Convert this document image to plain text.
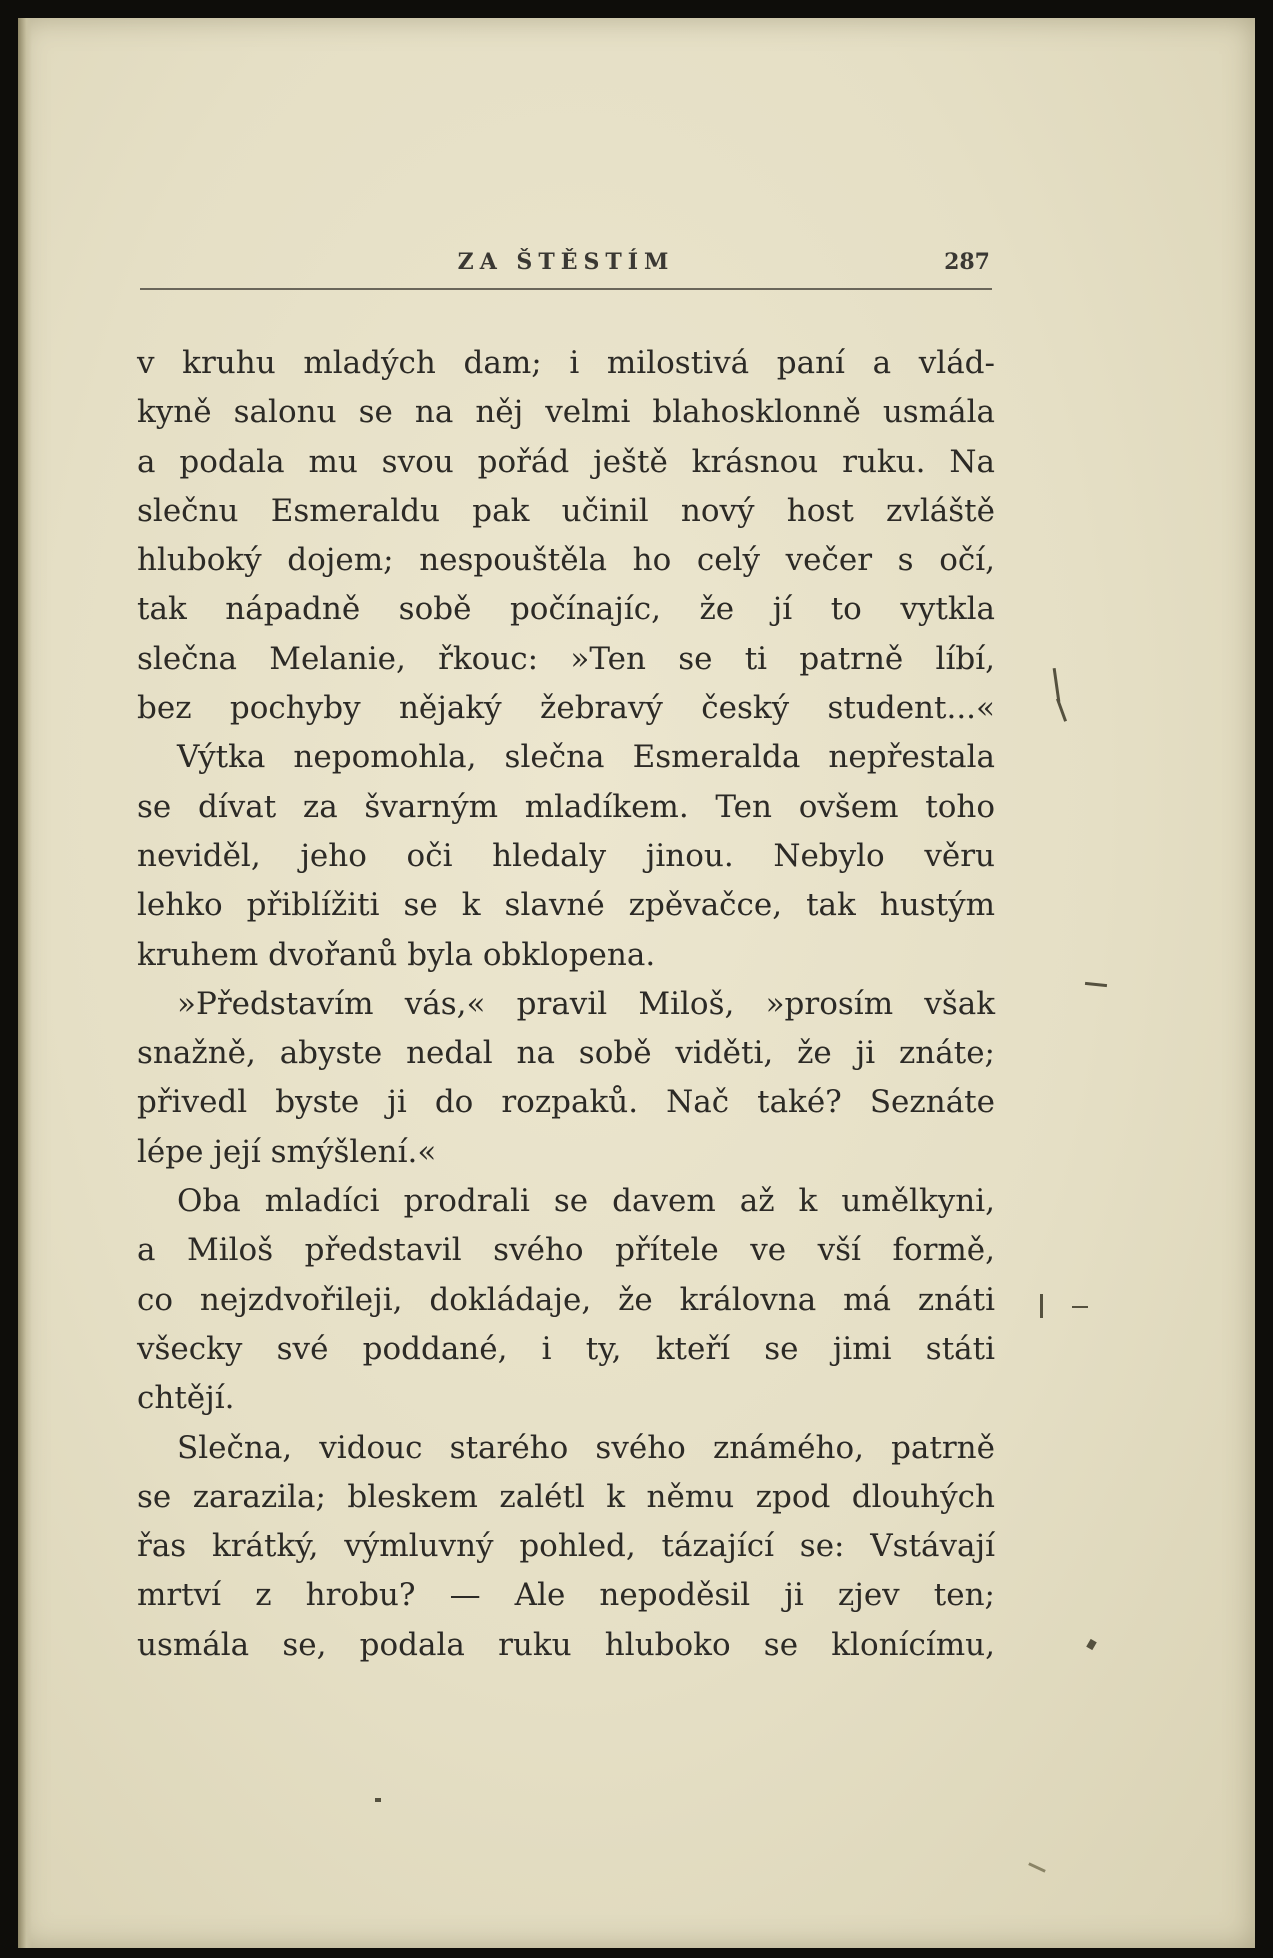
ZA ŠTĚSTÍM	287
v kruhu mladých dam; i milostivá paní a vlád-
kyně salonu se na něj velmi blahosklonně usmála
a podala mu svou pořád ještě krásnou ruku. Na
slečnu Esmeraldu pak učinil nový host zvláště
hluboký dojem; nespouštěla ho celý večer s očí,
tak nápadně sobě počínajíc, že jí to vytkla
slečna Melanie, řkouc: »Ten se ti patrně líbí,
bez pochyby nějaký žebravý český student...«
Výtka nepomohla, slečna Esmeralda nepřestala
se dívat za švarným mladíkem. Ten ovšem toho
neviděl, jeho oči hledaly jinou. Nebylo věru
lehko přiblížiti se k slavné zpěvačce, tak hustým
kruhem dvořanů byla obklopena.
»Představím vás,« pravil Miloš, »prosím však
snažně, abyste nedal na sobě viděti, že ji znáte;
přivedl byste ji do rozpaků. Nač také? Seznáte
lépe její smýšlení.«
Oba mladíci prodrali se davem až k umělkyni,
a Miloš představil svého přítele ve vší formě,
co nejzdvořileji, dokládaje, že královna má znáti
všecky své poddané, i ty, kteří se jimi státi
chtějí.
Slečna, vidouc starého svého známého, patrně
se zarazila; bleskem zalétl k němu zpod dlouhých
řas krátký, výmluvný pohled, tázající se: Vstávají
mrtví z hrobu? — Ale nepoděsil ji zjev ten;
usmála se, podala ruku hluboko se klonícímu,
